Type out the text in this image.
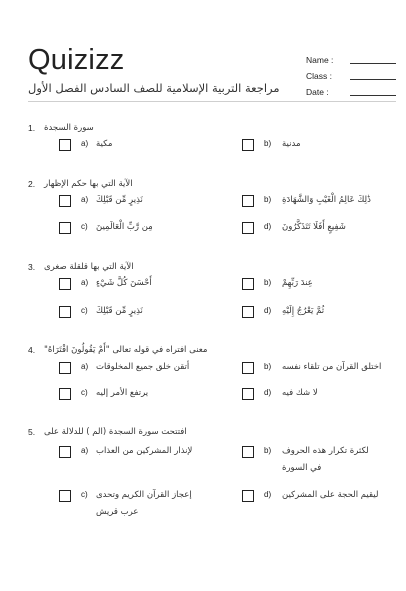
Quizizz
مراجعة التربية الإسلامية للصف السادس الفصل الأول
Name :
Class :
Date :
1. سورة السجدة
a) مكية	b) مدنية
2. الآية التي بها حكم الإظهار
a) نَذِيرٍ مِّن قَبْلِكَ	b) ذَٰلِكَ عَالِمُ الْغَيْبِ وَالشَّهَادَةِ
c) مِن رَّبِّ الْعَالَمِينَ	d) شَفِيعٍ أَفَلَا تَتَذَكَّرُونَ
3. الآية التي بها قلقلة صغرى
a) أَحْسَنَ كُلَّ شَيْءٍ	b) عِندَ رَبِّهِمْ
c) نَذِيرٍ مِّن قَبْلِكَ	d) ثُمَّ يَعْرُجُ إِلَيْهِ
4. معنى افتراه في قوله تعالى "أَمْ يَقُولُونَ افْتَرَاهُ"
a) أتقن خلق جميع المخلوقات	b) اختلق القرآن من تلقاء نفسه
c) يرتفع الأمر إليه	d) لا شك فيه
5. افتتحت سورة السجدة (الم ) للدلالة على
a) لإنذار المشركين من العذاب	b) لكثرة تكرار هذه الحروف في السورة
c) إعجاز القرآن الكريم وتحدى عرب قريش
d) ليقيم الحجة على المشركين
